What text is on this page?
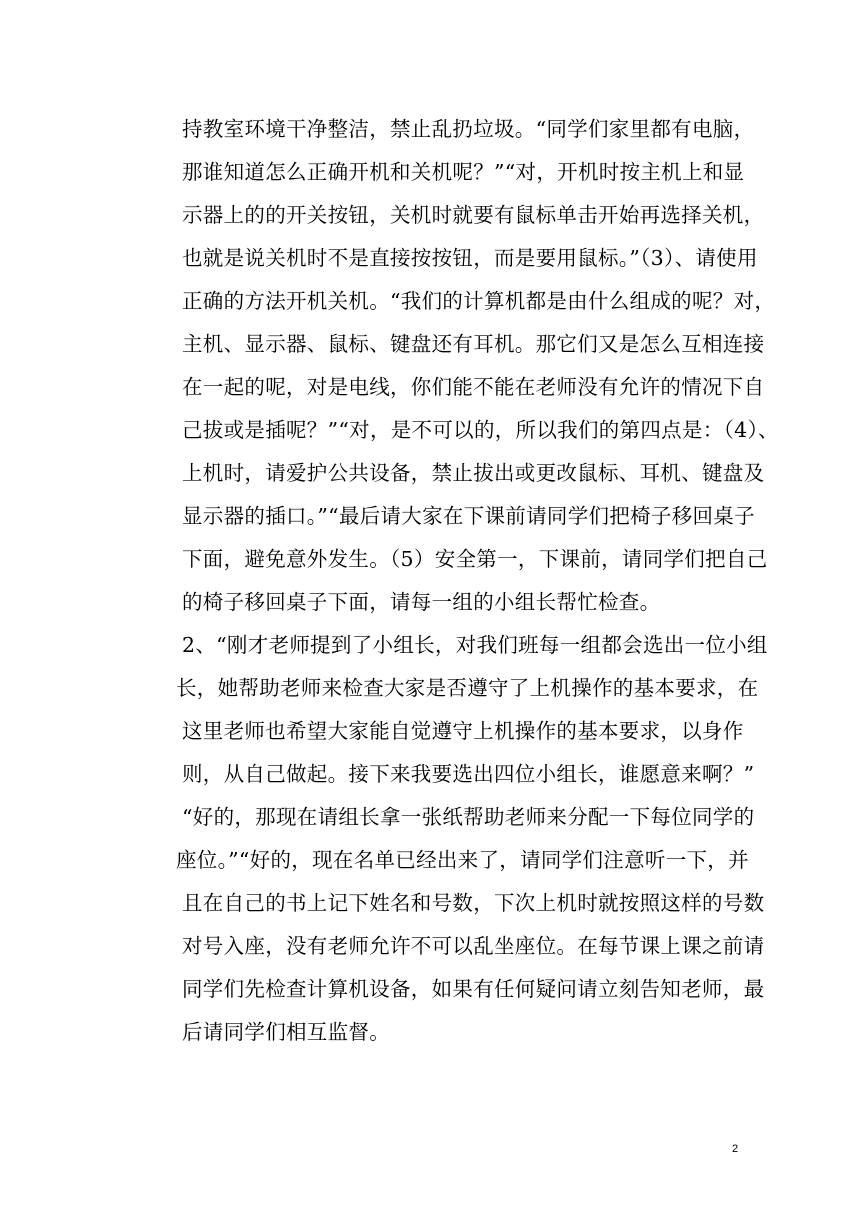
持教室环境干净整洁，禁止乱扔垃圾。“同学们家里都有电脑，
那谁知道怎么正确开机和关机呢？”“对，开机时按主机上和显
示器上的的开关按钮，关机时就要有鼠标单击开始再选择关机，
也就是说关机时不是直接按按钮，而是要用鼠标。”（3）、请使用
正确的方法开机关机。“我们的计算机都是由什么组成的呢？对，
主机、显示器、鼠标、键盘还有耳机。那它们又是怎么互相连接
在一起的呢，对是电线，你们能不能在老师没有允许的情况下自
己拔或是插呢？”“对，是不可以的，所以我们的第四点是：（4）、
上机时，请爱护公共设备，禁止拔出或更改鼠标、耳机、键盘及
显示器的插口。”“最后请大家在下课前请同学们把椅子移回桌子
下面，避免意外发生。（5）安全第一，下课前，请同学们把自己
的椅子移回桌子下面，请每一组的小组长帮忙检查。
2、“刚才老师提到了小组长，对我们班每一组都会选出一位小组
长，她帮助老师来检查大家是否遵守了上机操作的基本要求，在
这里老师也希望大家能自觉遵守上机操作的基本要求，以身作
则，从自己做起。接下来我要选出四位小组长，谁愿意来啊？”
“好的，那现在请组长拿一张纸帮助老师来分配一下每位同学的
座位。”“好的，现在名单已经出来了，请同学们注意听一下，并
且在自己的书上记下姓名和号数，下次上机时就按照这样的号数
对号入座，没有老师允许不可以乱坐座位。在每节课上课之前请
同学们先检查计算机设备，如果有任何疑问请立刻告知老师，最
后请同学们相互监督。
2
